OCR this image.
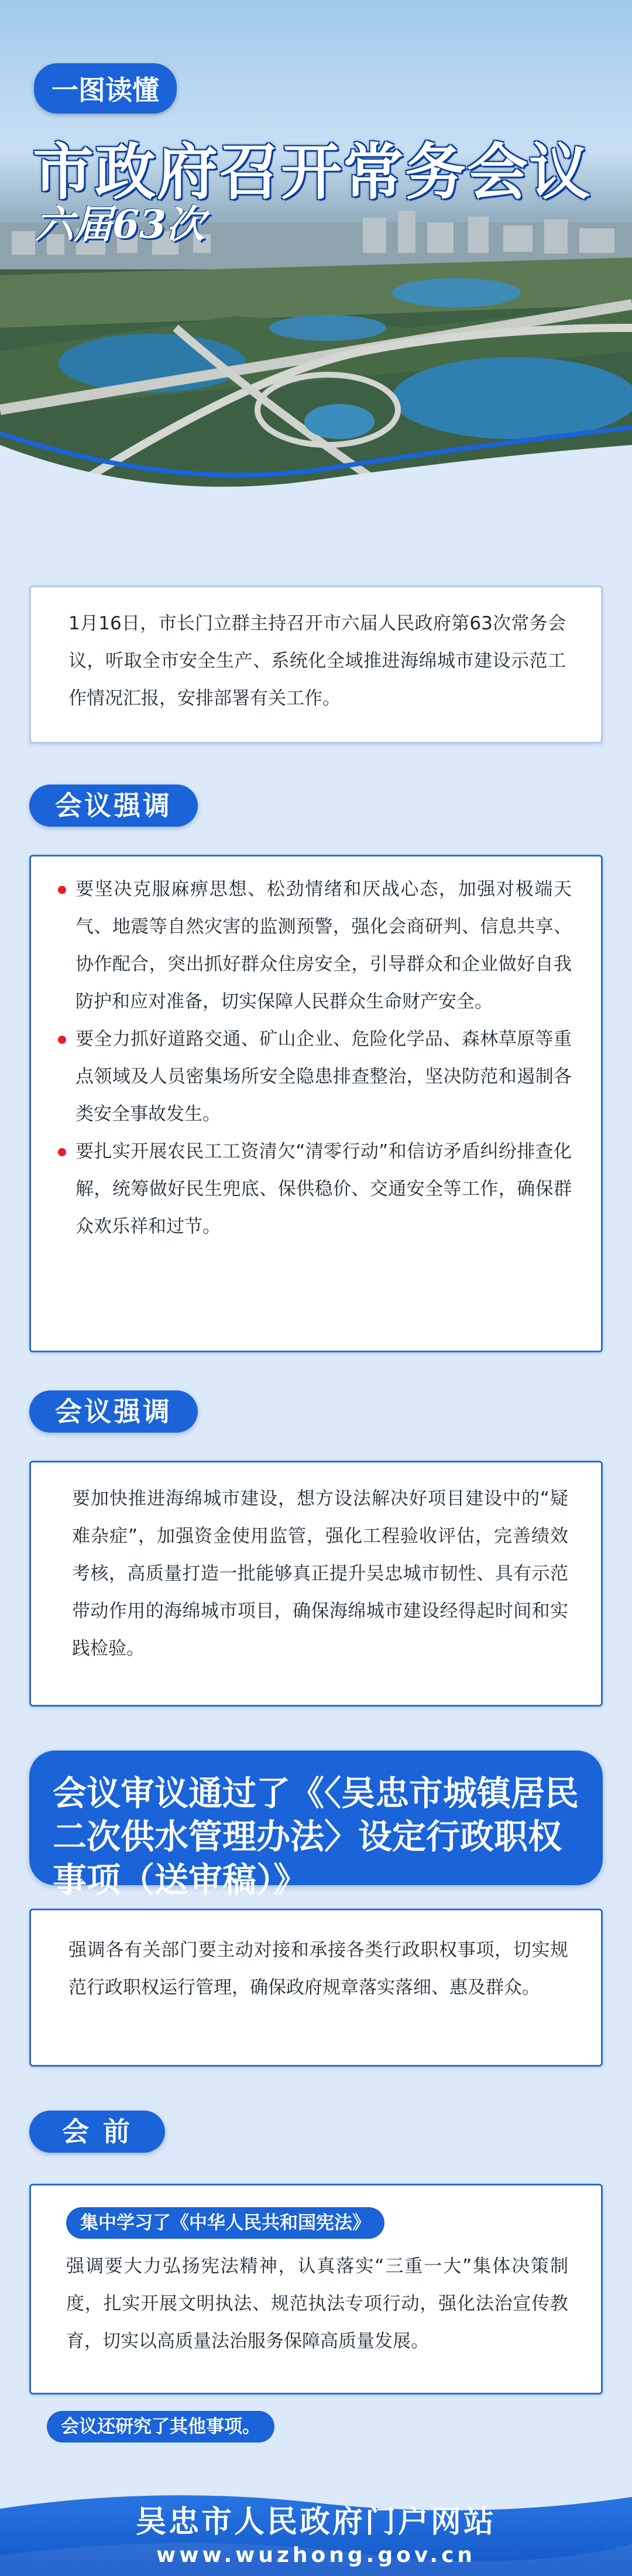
一图读懂
市政府召开常务会议
六届63次

1月16日，市长门立群主持召开市六届人民政府第63次常务会议，听取全市安全生产、系统化全域推进海绵城市建设示范工作情况汇报，安排部署有关工作。

会议强调

要坚决克服麻痹思想、松劲情绪和厌战心态，加强对极端天气、地震等自然灾害的监测预警，强化会商研判、信息共享、协作配合，突出抓好群众住房安全，引导群众和企业做好自我防护和应对准备，切实保障人民群众生命财产安全。

要全力抓好道路交通、矿山企业、危险化学品、森林草原等重点领域及人员密集场所安全隐患排查整治，坚决防范和遏制各类安全事故发生。

要扎实开展农民工工资清欠“清零行动”和信访矛盾纠纷排查化解，统筹做好民生兜底、保供稳价、交通安全等工作，确保群众欢乐祥和过节。

会议强调

要加快推进海绵城市建设，想方设法解决好项目建设中的“疑难杂症”，加强资金使用监管，强化工程验收评估，完善绩效考核，高质量打造一批能够真正提升吴忠城市韧性、具有示范带动作用的海绵城市项目，确保海绵城市建设经得起时间和实践检验。

会议审议通过了《〈吴忠市城镇居民二次供水管理办法〉设定行政职权事项（送审稿）》

强调各有关部门要主动对接和承接各类行政职权事项，切实规范行政职权运行管理，确保政府规章落实落细、惠及群众。

会 前
集中学习了《中华人民共和国宪法》

强调要大力弘扬宪法精神，认真落实“三重一大”集体决策制度，扎实开展文明执法、规范执法专项行动，强化法治宣传教育，切实以高质量法治服务保障高质量发展。

会议还研究了其他事项。
吴忠市人民政府门户网站
www.wuzhong.gov.cn
